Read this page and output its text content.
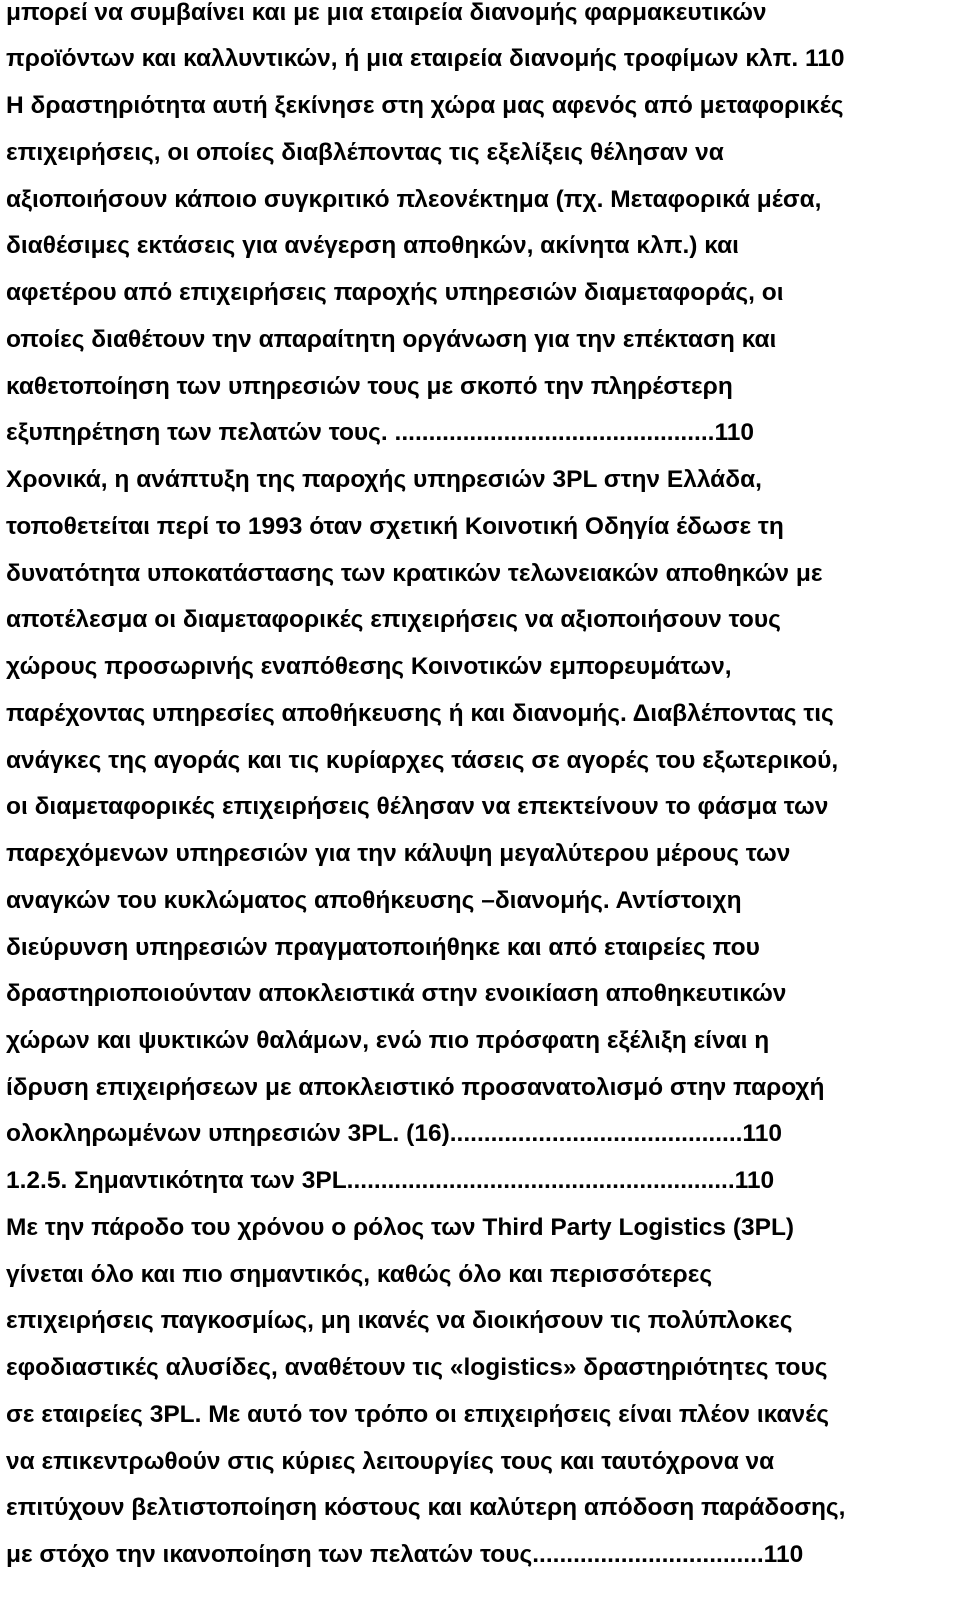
μπορεί να συμβαίνει και με μια εταιρεία διανομής φαρμακευτικών
προϊόντων και καλλυντικών, ή μια εταιρεία διανομής τροφίμων κλπ. 110
Η δραστηριότητα αυτή ξεκίνησε στη χώρα μας αφενός από μεταφορικές
επιχειρήσεις, οι οποίες διαβλέποντας τις εξελίξεις θέλησαν να
αξιοποιήσουν κάποιο συγκριτικό πλεονέκτημα (πχ. Μεταφορικά μέσα,
διαθέσιμες εκτάσεις για ανέγερση αποθηκών, ακίνητα κλπ.) και
αφετέρου από επιχειρήσεις παροχής υπηρεσιών διαμεταφοράς, οι
οποίες διαθέτουν την απαραίτητη οργάνωση για την επέκταση και
καθετοποίηση των υπηρεσιών τους με σκοπό την πληρέστερη
εξυπηρέτηση των πελατών τους. ...............................................110
Χρονικά, η ανάπτυξη της παροχής υπηρεσιών 3PL στην Ελλάδα,
τοποθετείται περί το 1993 όταν σχετική Κοινοτική Οδηγία έδωσε τη
δυνατότητα υποκατάστασης των κρατικών τελωνειακών αποθηκών με
αποτέλεσμα οι διαμεταφορικές επιχειρήσεις να αξιοποιήσουν τους
χώρους προσωρινής εναπόθεσης Κοινοτικών εμπορευμάτων,
παρέχοντας υπηρεσίες αποθήκευσης ή και διανομής. Διαβλέποντας τις
ανάγκες της αγοράς και τις κυρίαρχες τάσεις σε αγορές του εξωτερικού,
οι διαμεταφορικές επιχειρήσεις θέλησαν να επεκτείνουν το φάσμα των
παρεχόμενων υπηρεσιών για την κάλυψη μεγαλύτερου μέρους των
αναγκών του κυκλώματος αποθήκευσης –διανομής. Αντίστοιχη
διεύρυνση υπηρεσιών πραγματοποιήθηκε και από εταιρείες που
δραστηριοποιούνταν αποκλειστικά στην ενοικίαση αποθηκευτικών
χώρων και ψυκτικών θαλάμων, ενώ πιο πρόσφατη εξέλιξη είναι η
ίδρυση επιχειρήσεων με αποκλειστικό προσανατολισμό στην παροχή
ολοκληρωμένων υπηρεσιών 3PL. (16)...........................................110
1.2.5. Σημαντικότητα των 3PL.........................................................110
Με την πάροδο του χρόνου ο ρόλος των Third Party Logistics (3PL)
γίνεται όλο και πιο σημαντικός, καθώς όλο και περισσότερες
επιχειρήσεις παγκοσμίως, μη ικανές να διοικήσουν τις πολύπλοκες
εφοδιαστικές αλυσίδες, αναθέτουν τις «logistics» δραστηριότητες τους
σε εταιρείες 3PL. Με αυτό τον τρόπο οι επιχειρήσεις είναι πλέον ικανές
να επικεντρωθούν στις κύριες λειτουργίες τους και ταυτόχρονα να
επιτύχουν βελτιστοποίηση κόστους και καλύτερη απόδοση παράδοσης,
με στόχο την ικανοποίηση των πελατών τους..................................110
